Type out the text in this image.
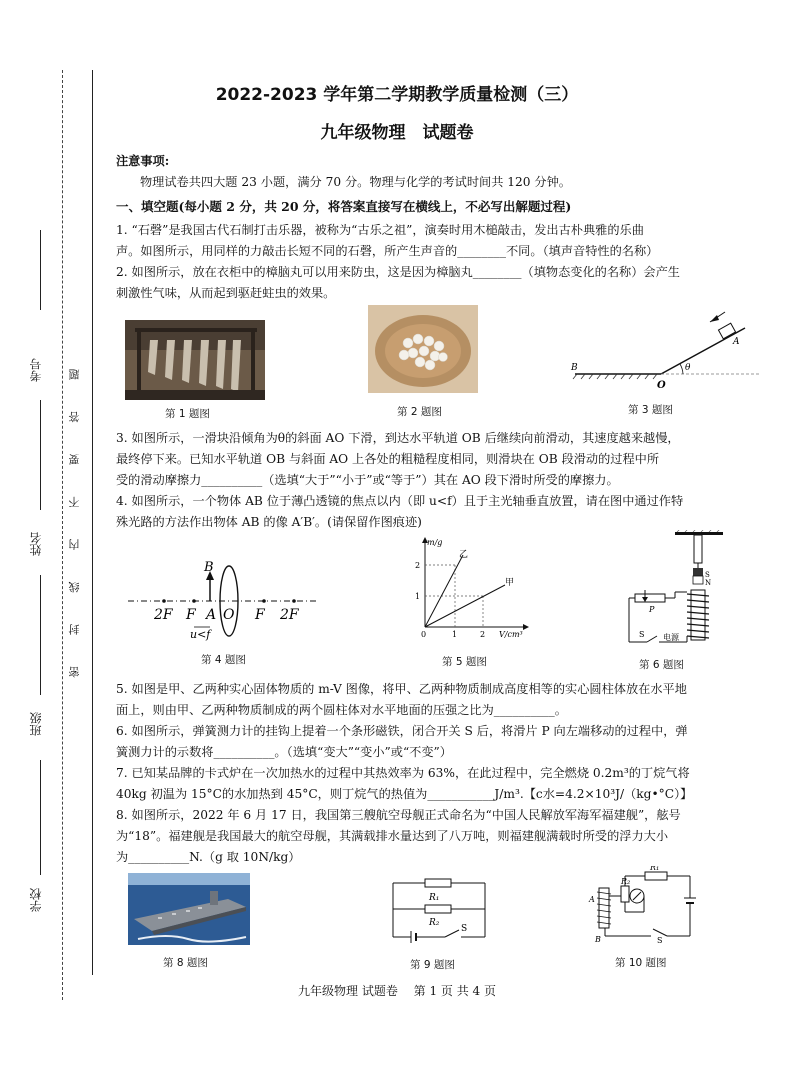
考号
姓名
班级
学校
密 封 线 内 不 要 答 题
2022-2023 学年第二学期教学质量检测（三）
九年级物理　试题卷
注意事项:
物理试卷共四大题 23 小题，满分 70 分。物理与化学的考试时间共 120 分钟。
一、填空题(每小题 2 分，共 20 分，将答案直接写在横线上，不必写出解题过程)
1. “石磬”是我国古代石制打击乐器，被称为“古乐之祖”，演奏时用木槌敲击，发出古朴典雅的乐曲
声。如图所示，用同样的力敲击长短不同的石磬，所产生声音的________不同。（填声音特性的名称）
2. 如图所示，放在衣柜中的樟脑丸可以用来防虫，这是因为樟脑丸________（填物态变化的名称）会产生
刺激性气味，从而起到驱赶蛀虫的效果。
第 1 题图	第 2 题图
A
B
O
θ
第 3 题图
3. 如图所示，一滑块沿倾角为θ的斜面 AO 下滑，到达水平轨道 OB 后继续向前滑动，其速度越来越慢，
最终停下来。已知水平轨道 OB 与斜面 AO 上各处的粗糙程度相同，则滑块在 OB 段滑动的过程中所
受的滑动摩擦力__________（选填“大于”“小于”或“等于”）其在 AO 段下滑时所受的摩擦力。
4. 如图所示，一个物体 AB 位于薄凸透镜的焦点以内（即 u<f）且于主光轴垂直放置，请在图中通过作特
殊光路的方法作出物体 AB 的像 A′B′。(请保留作图痕迹)
B
2F F A O F 2F
u<f
第 4 题图
m/g
V/cm³
2
1
0	1	2
乙
甲
第 5 题图
S
N
P
S 电源
第 6 题图
5. 如图是甲、乙两种实心固体物质的 m-V 图像，将甲、乙两种物质制成高度相等的实心圆柱体放在水平地
面上，则由甲、乙两种物质制成的两个圆柱体对水平地面的压强之比为__________。
6. 如图所示，弹簧测力计的挂钩上提着一个条形磁铁，闭合开关 S 后，将滑片 P 向左端移动的过程中，弹
簧测力计的示数将__________。（选填“变大”“变小”或“不变”）
7. 已知某品牌的卡式炉在一次加热水的过程中其热效率为 63%，在此过程中，完全燃烧 0.2m³的丁烷气将
40kg 初温为 15°C的水加热到 45°C，则丁烷气的热值为___________J/m³.【c水=4.2×10³J/（kg•°C）】
8. 如图所示，2022 年 6 月 17 日，我国第三艘航空母舰正式命名为“中国人民解放军海军福建舰”，舷号
为“18”。福建舰是我国最大的航空母舰，其满载排水量达到了八万吨，则福建舰满载时所受的浮力大小
为__________N.（g 取 10N/kg）
第 8 题图
R₁
R₂
S
第 9 题图
R₁
S
R₂
A
B
第 10 题图
九年级物理 试题卷　 第 1 页 共 4 页
